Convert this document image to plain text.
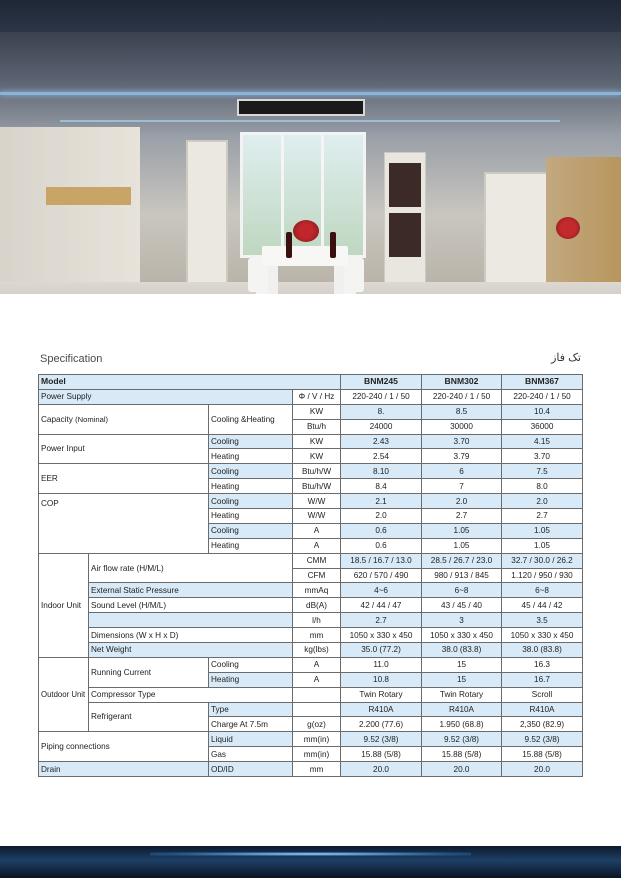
Specification	تک فاز
Model				BNM245	BNM302	BNM367
Power Supply			Φ / V / Hz	220-240 / 1 / 50	220-240 / 1 / 50	220-240 / 1 / 50
Capacity (Nominal)		Cooling &Heating	KW	8.	8.5	10.4
			Btu/h	24000	30000	36000
Power Input		Cooling	KW	2.43	3.70	4.15
		Heating	KW	2.54	3.79	3.70
EER		Cooling	Btu/h/W	8.10	6	7.5
		Heating	Btu/h/W	8.4	7	8.0
COP		Cooling	W/W	2.1	2.0	2.0
		Heating	W/W	2.0	2.7	2.7
		Cooling	A	0.6	1.05	1.05
		Heating	A	0.6	1.05	1.05
Indoor Unit	Air flow rate (H/M/L)		CMM	18.5 / 16.7 / 13.0	28.5 / 26.7 / 23.0	32.7 / 30.0 / 26.2
			CFM	620 / 570 / 490	980 / 913 / 845	1.120 / 950 / 930
	External Static Pressure		mmAq	4~6	6~8	6~8
	Sound Level (H/M/L)		dB(A)	42 / 44 / 47	43 / 45 / 40	45 / 44 / 42
			l/h	2.7	3	3.5
	Dimensions (W x H x D)		mm	1050 x 330 x 450	1050 x 330 x 450	1050 x 330 x 450
	Net Weight		kg(lbs)	35.0 (77.2)	38.0 (83.8)	38.0 (83.8)
Outdoor Unit	Running Current	Cooling	A	11.0	15	16.3
		Heating	A	10.8	15	16.7
	Compressor Type			Twin Rotary	Twin Rotary	Scroll
	Refrigerant	Type		R410A	R410A	R410A
		Charge At 7.5m	g(oz)	2.200 (77.6)	1.950 (68.8)	2,350 (82.9)
Piping connections		Liquid	mm(in)	9.52 (3/8)	9.52 (3/8)	9.52 (3/8)
		Gas	mm(in)	15.88 (5/8)	15.88 (5/8)	15.88 (5/8)
Drain		OD/ID	mm	20.0	20.0	20.0
